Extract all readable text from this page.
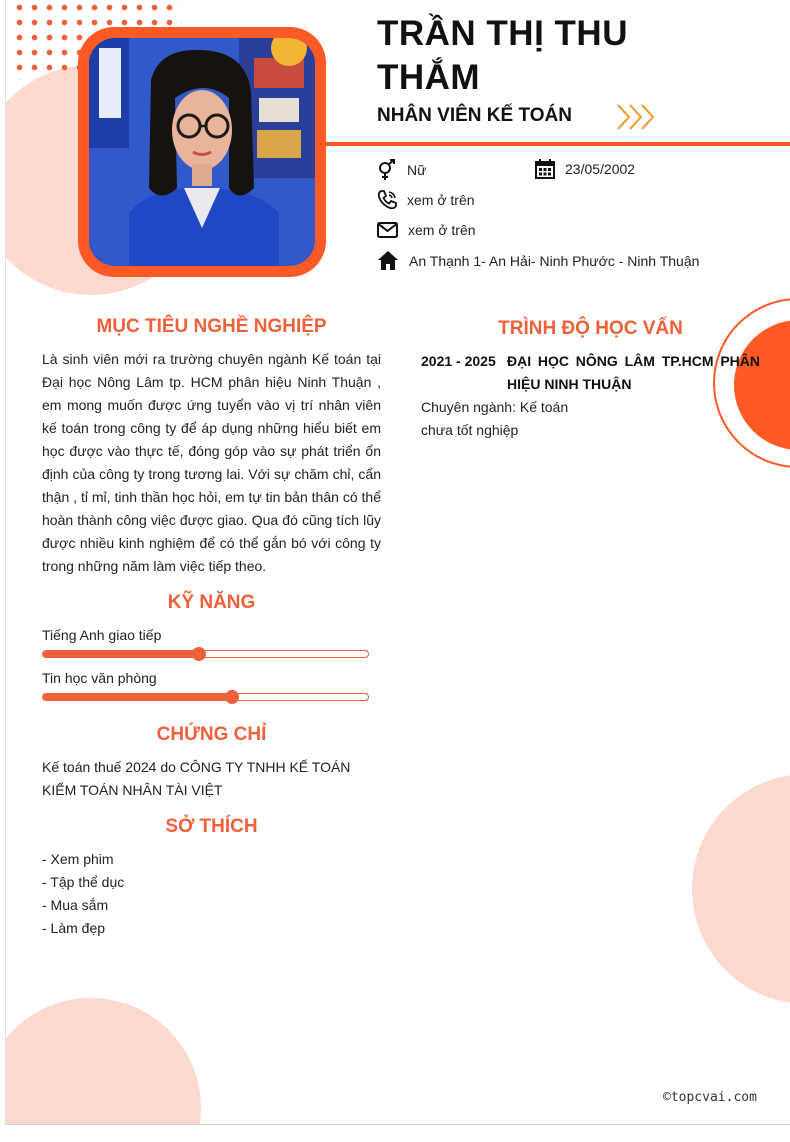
TRẦN THỊ THU
THẮM
NHÂN VIÊN KẾ TOÁN
Nữ	23/05/2002
xem ở trên
xem ở trên
An Thạnh 1- An Hải- Ninh Phước - Ninh Thuận
MỤC TIÊU NGHỀ NGHIỆP
Là sinh viên mới ra trường chuyên ngành Kế toán tại Đại học Nông Lâm tp. HCM phân hiệu Ninh Thuận , em mong muốn được ứng tuyển vào vị trí nhân viên kế toán trong công ty để áp dụng những hiểu biết em học được vào thực tế, đóng góp vào sự phát triển ổn định của công ty trong tương lai. Với sự chăm chỉ, cẩn thận , tỉ mỉ, tinh thần học hỏi, em tự tin bản thân có thể hoàn thành công việc được giao. Qua đó cũng tích lũy được nhiều kinh nghiệm để có thể gắn bó với công ty trong những năm làm việc tiếp theo.
KỸ NĂNG
Tiếng Anh giao tiếp
Tin học văn phòng
CHỨNG CHỈ
Kế toán thuế 2024 do CÔNG TY TNHH KẾ TOÁN KIỂM TOÁN NHÂN TÀI VIỆT
SỞ THÍCH
- Xem phim
- Tập thể dục
- Mua sắm
- Làm đẹp
TRÌNH ĐỘ HỌC VẤN
2021 - 2025 ĐẠI HỌC NÔNG LÂM TP.HCM PHÂN HIỆU NINH THUẬN
Chuyên ngành: Kế toán
chưa tốt nghiệp
©topcvai.com
